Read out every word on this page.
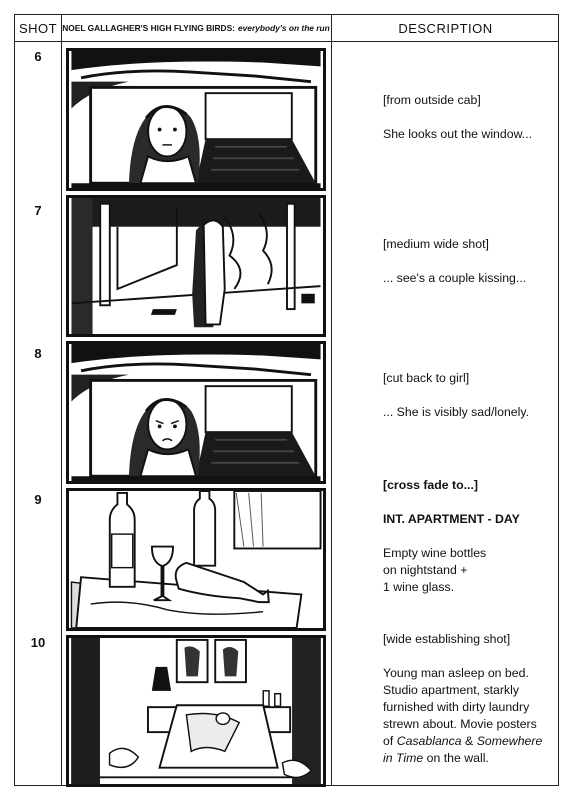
SHOT NOEL GALLAGHER'S HIGH FLYING BIRDS: everybody's on the run	DESCRIPTION
6
7
8
9
10

[from outside cab]

She looks out the window...

[medium wide shot]

... see's a couple kissing...

[cut back to girl]

... She is visibly sad/lonely.

[cross fade to...]

INT. APARTMENT - DAY

Empty wine bottles

on nightstand +

1 wine glass.

[wide establishing shot]

Young man asleep on bed.

Studio apartment, starkly

furnished with dirty laundry

strewn about. Movie posters

of Casablanca & Somewhere

in Time on the wall.
